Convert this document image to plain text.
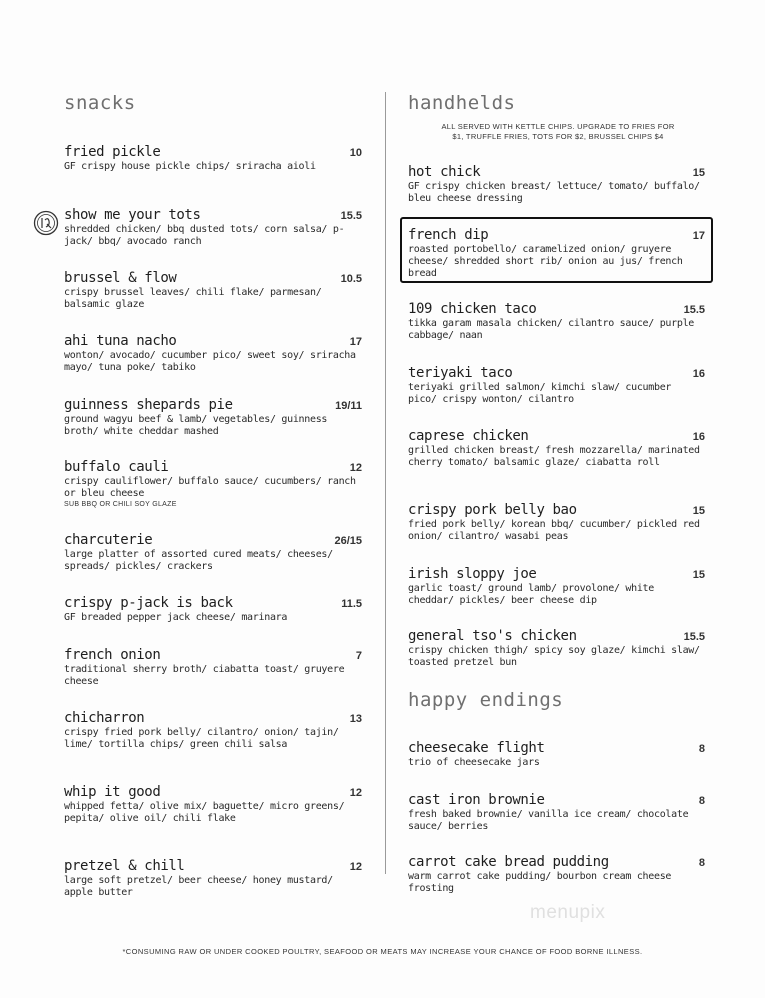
snacks	handhelds
ALL SERVED WITH KETTLE CHIPS. UPGRADE TO FRIES FOR
$1, TRUFFLE FRIES, TOTS FOR $2, BRUSSEL CHIPS $4
fried pickle	10
GF crispy house pickle chips/ sriracha aioli
show me your tots	15.5
shredded chicken/ bbq dusted tots/ corn salsa/ p-jack/ bbq/ avocado ranch
brussel & flow	10.5
crispy brussel leaves/ chili flake/ parmesan/ balsamic glaze
ahi tuna nacho	17
wonton/ avocado/ cucumber pico/ sweet soy/ sriracha mayo/ tuna poke/ tabiko
guinness shepards pie	19/11
ground wagyu beef & lamb/ vegetables/ guinness broth/ white cheddar mashed
buffalo cauli	12
crispy cauliflower/ buffalo sauce/ cucumbers/ ranch or bleu cheese
SUB BBQ OR CHILI SOY GLAZE
charcuterie	26/15
large platter of assorted cured meats/ cheeses/ spreads/ pickles/ crackers
crispy p-jack is back	11.5
GF breaded pepper jack cheese/ marinara
french onion	7
traditional sherry broth/ ciabatta toast/ gruyere cheese
chicharron	13
crispy fried pork belly/ cilantro/ onion/ tajin/ lime/ tortilla chips/ green chili salsa
whip it good	12
whipped fetta/ olive mix/ baguette/ micro greens/ pepita/ olive oil/ chili flake
pretzel & chill	12
large soft pretzel/ beer cheese/ honey mustard/ apple butter
hot chick	15
GF crispy chicken breast/ lettuce/ tomato/ buffalo/ bleu cheese dressing
french dip	17
roasted portobello/ caramelized onion/ gruyere cheese/ shredded short rib/ onion au jus/ french bread
109 chicken taco	15.5
tikka garam masala chicken/ cilantro sauce/ purple cabbage/ naan
teriyaki taco	16
teriyaki grilled salmon/ kimchi slaw/ cucumber pico/ crispy wonton/ cilantro
caprese chicken	16
grilled chicken breast/ fresh mozzarella/ marinated cherry tomato/ balsamic glaze/ ciabatta roll
crispy pork belly bao	15
fried pork belly/ korean bbq/ cucumber/ pickled red onion/ cilantro/ wasabi peas
irish sloppy joe	15
garlic toast/ ground lamb/ provolone/ white cheddar/ pickles/ beer cheese dip
general tso's chicken	15.5
crispy chicken thigh/ spicy soy glaze/ kimchi slaw/ toasted pretzel bun
happy endings
cheesecake flight	8
trio of cheesecake jars
cast iron brownie	8
fresh baked brownie/ vanilla ice cream/ chocolate sauce/ berries
carrot cake bread pudding	8
warm carrot cake pudding/ bourbon cream cheese frosting
menupix
*CONSUMING RAW OR UNDER COOKED POULTRY, SEAFOOD OR MEATS MAY INCREASE YOUR CHANCE OF FOOD BORNE ILLNESS.
